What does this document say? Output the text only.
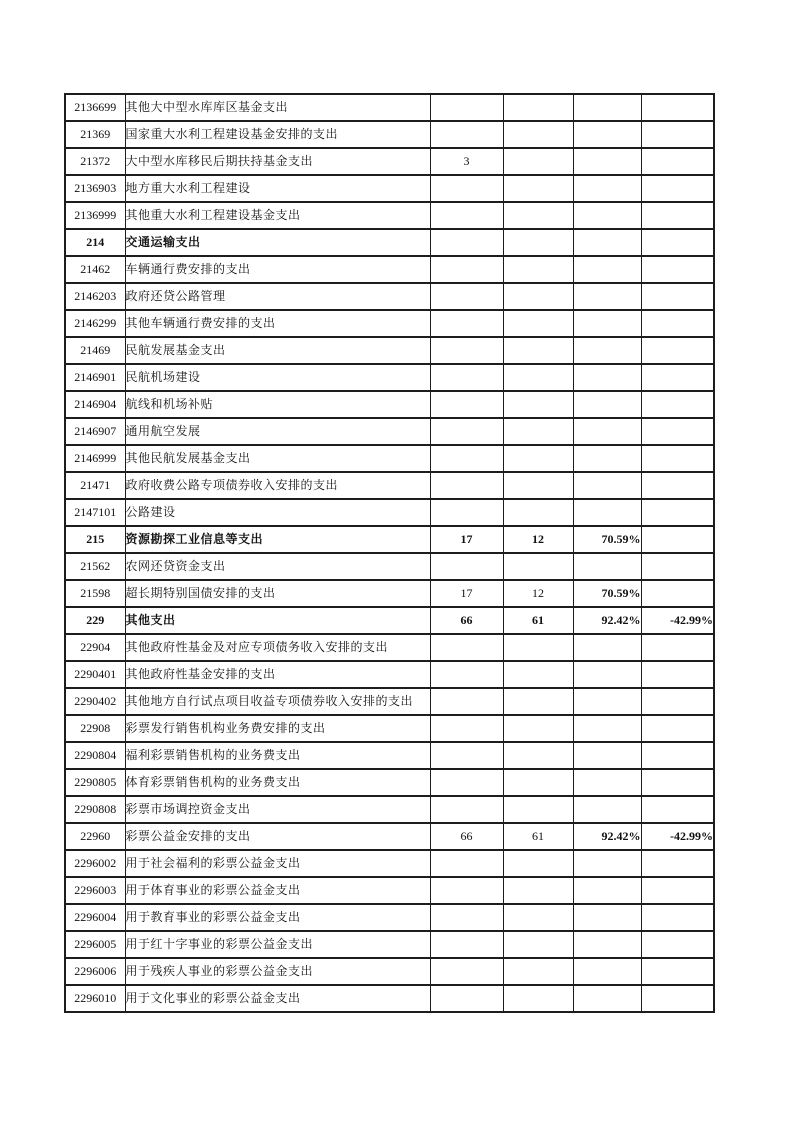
2136699	其他大中型水库库区基金支出				
21369	国家重大水利工程建设基金安排的支出				
21372	大中型水库移民后期扶持基金支出	3			
2136903	地方重大水利工程建设				
2136999	其他重大水利工程建设基金支出				
214	交通运输支出				
21462	车辆通行费安排的支出				
2146203	政府还贷公路管理				
2146299	其他车辆通行费安排的支出				
21469	民航发展基金支出				
2146901	民航机场建设				
2146904	航线和机场补贴				
2146907	通用航空发展				
2146999	其他民航发展基金支出				
21471	政府收费公路专项债券收入安排的支出				
2147101	公路建设				
215	资源勘探工业信息等支出	17	12	70.59%	
21562	农网还贷资金支出				
21598	超长期特别国债安排的支出	17	12	70.59%	
229	其他支出	66	61	92.42%	-42.99%
22904	其他政府性基金及对应专项债务收入安排的支出				
2290401	其他政府性基金安排的支出				
2290402	其他地方自行试点项目收益专项债券收入安排的支出				
22908	彩票发行销售机构业务费安排的支出				
2290804	福利彩票销售机构的业务费支出				
2290805	体育彩票销售机构的业务费支出				
2290808	彩票市场调控资金支出				
22960	彩票公益金安排的支出	66	61	92.42%	-42.99%
2296002	用于社会福利的彩票公益金支出				
2296003	用于体育事业的彩票公益金支出				
2296004	用于教育事业的彩票公益金支出				
2296005	用于红十字事业的彩票公益金支出				
2296006	用于残疾人事业的彩票公益金支出				
2296010	用于文化事业的彩票公益金支出				
